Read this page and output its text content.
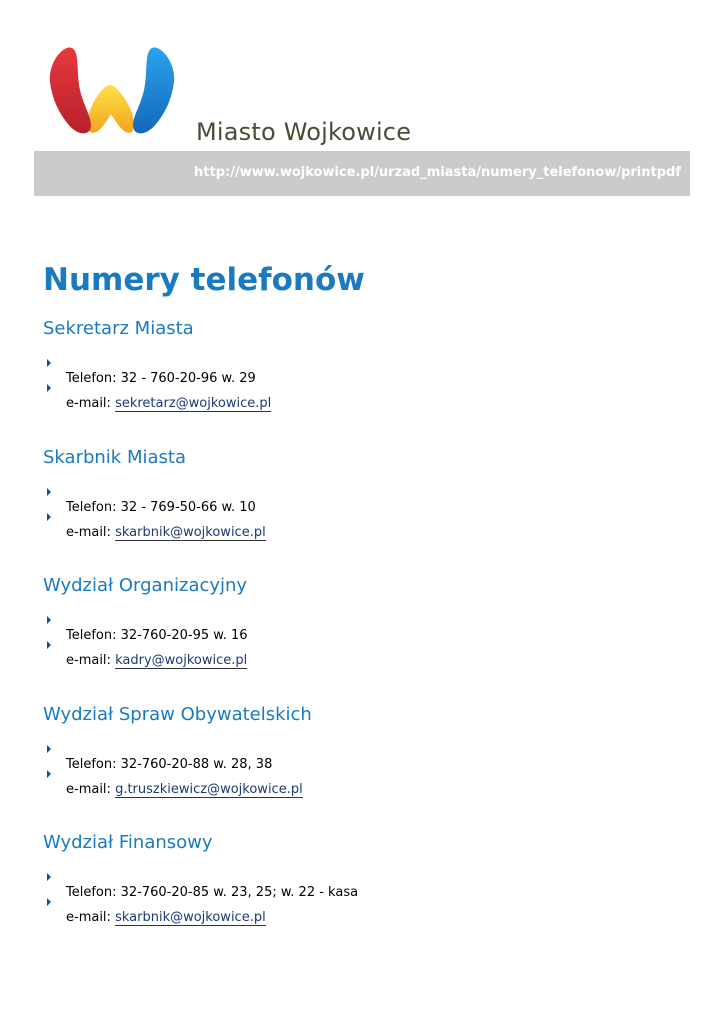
Miasto Wojkowice
http://www.wojkowice.pl/urzad_miasta/numery_telefonow/printpdf
Numery telefonów
Sekretarz Miasta
Telefon: 32 - 760-20-96 w. 29
e-mail: sekretarz@wojkowice.pl
Skarbnik Miasta
Telefon: 32 - 769-50-66 w. 10
e-mail: skarbnik@wojkowice.pl
Wydział Organizacyjny
Telefon: 32-760-20-95 w. 16
e-mail: kadry@wojkowice.pl
Wydział Spraw Obywatelskich
Telefon: 32-760-20-88 w. 28, 38
e-mail: g.truszkiewicz@wojkowice.pl
Wydział Finansowy
Telefon: 32-760-20-85 w. 23, 25; w. 22 - kasa
e-mail: skarbnik@wojkowice.pl
